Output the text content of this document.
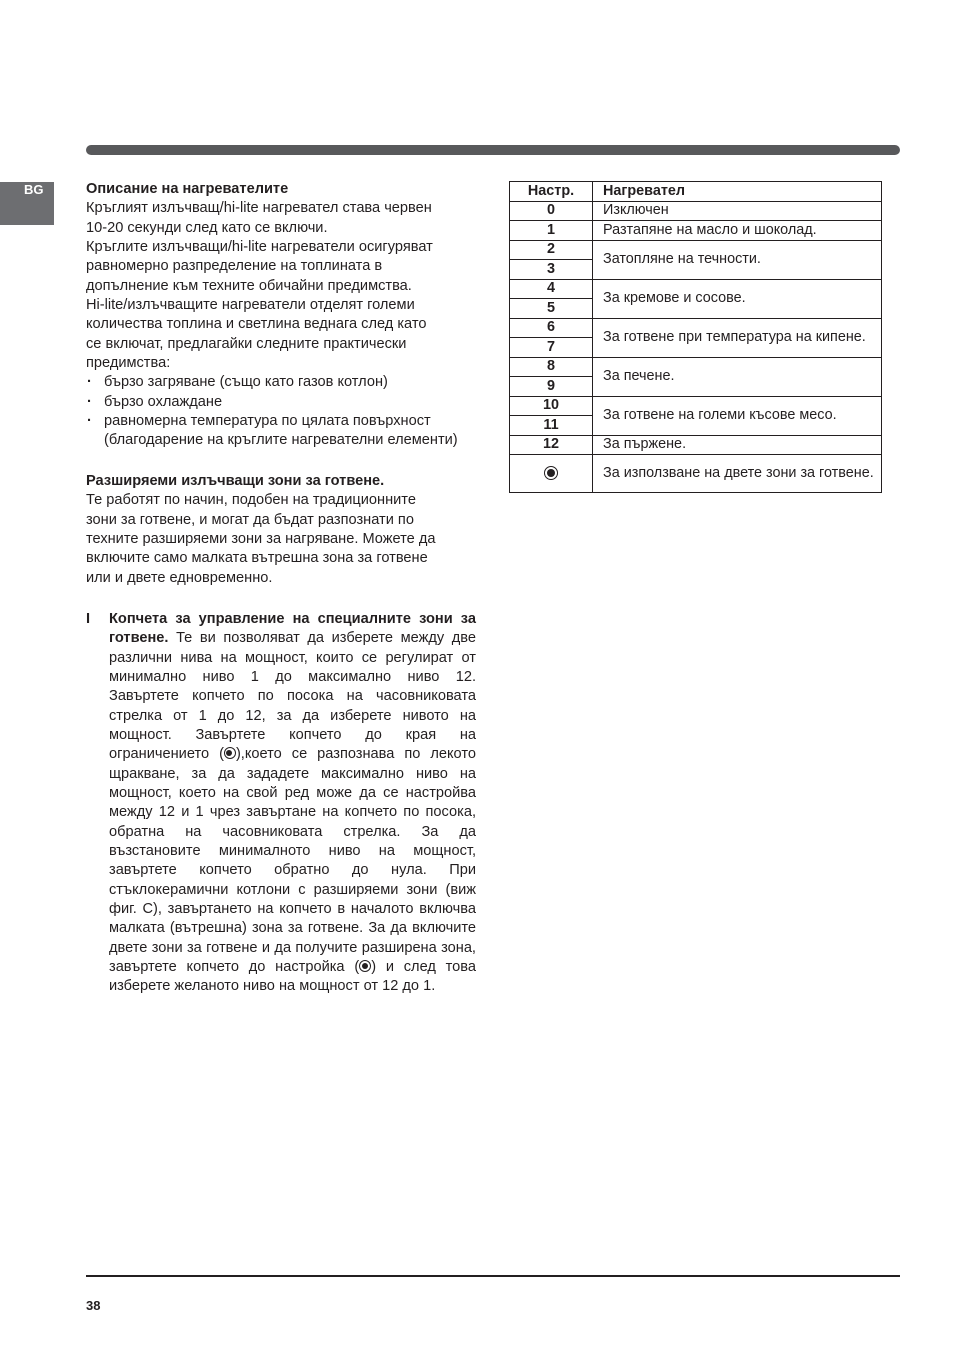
BG	Описание на нагревателите

Кръглият излъчващ/hi-lite нагревател става червен

10-20 секунди след като се включи.

Кръглите излъчващи/hi-lite нагреватели осигуряват

равномерно разпределение на топлината в

допълнение към техните обичайни предимства.

Hi-lite/излъчващите нагреватели отделят големи

количества топлина и светлина веднага след като

се включат, предлагайки следните практически

предимства:

· бързо загряване (също като газов котлон)
· бързо охлаждане
· равномерна температура по цялата повърхност (благодарение на кръглите нагревателни елементи)

Разширяеми излъчващи зони за готвене.

Те работят по начин, подобен на традиционните

зони за готвене, и могат да бъдат разпознати по

техните разширяеми зони за нагряване. Можете да

включите само малката вътрешна зона за готвене

или и двете едновременно.

I Копчета за управление на специалните зони за готвене. Те ви позволяват да изберете между две различни нива на мощност, които се регулират от минимално ниво 1 до максимално ниво 12. Завъртете копчето по посока на часовниковата стрелка от 1 до 12, за да изберете нивото на мощност. Завъртете копчето до края на ограничението ( ),което се разпознава по лекото щракване, за да зададете максимално ниво на мощност, което на свой ред може да се настройва между 12 и 1 чрез завъртане на копчето по посока, обратна на часовниковата стрелка. За да възстановите минималното ниво на мощност, завъртете копчето обратно до нула. При стъклокерамични котлони с разширяеми зони (виж фиг. C), завъртането на копчето в началото включва малката (вътрешна) зона за готвене. За да включите двете зони за готвене и да получите разширена зона, завъртете копчето до настройка ( ) и след това изберете желаното ниво на мощност от 12 до 1.
Настр.	Нагревател
0	Изключен
1	Разтапяне на масло и шоколад.
2	Затопляне на течности.
3	
4	За кремове и сосове.
5	
6	За готвене при температура на кипене.
7	
8	За печене.
9	
10	За готвене на големи късове месо.
11	
12	За пържене.
	За използване на двете зони за готвене.
38
